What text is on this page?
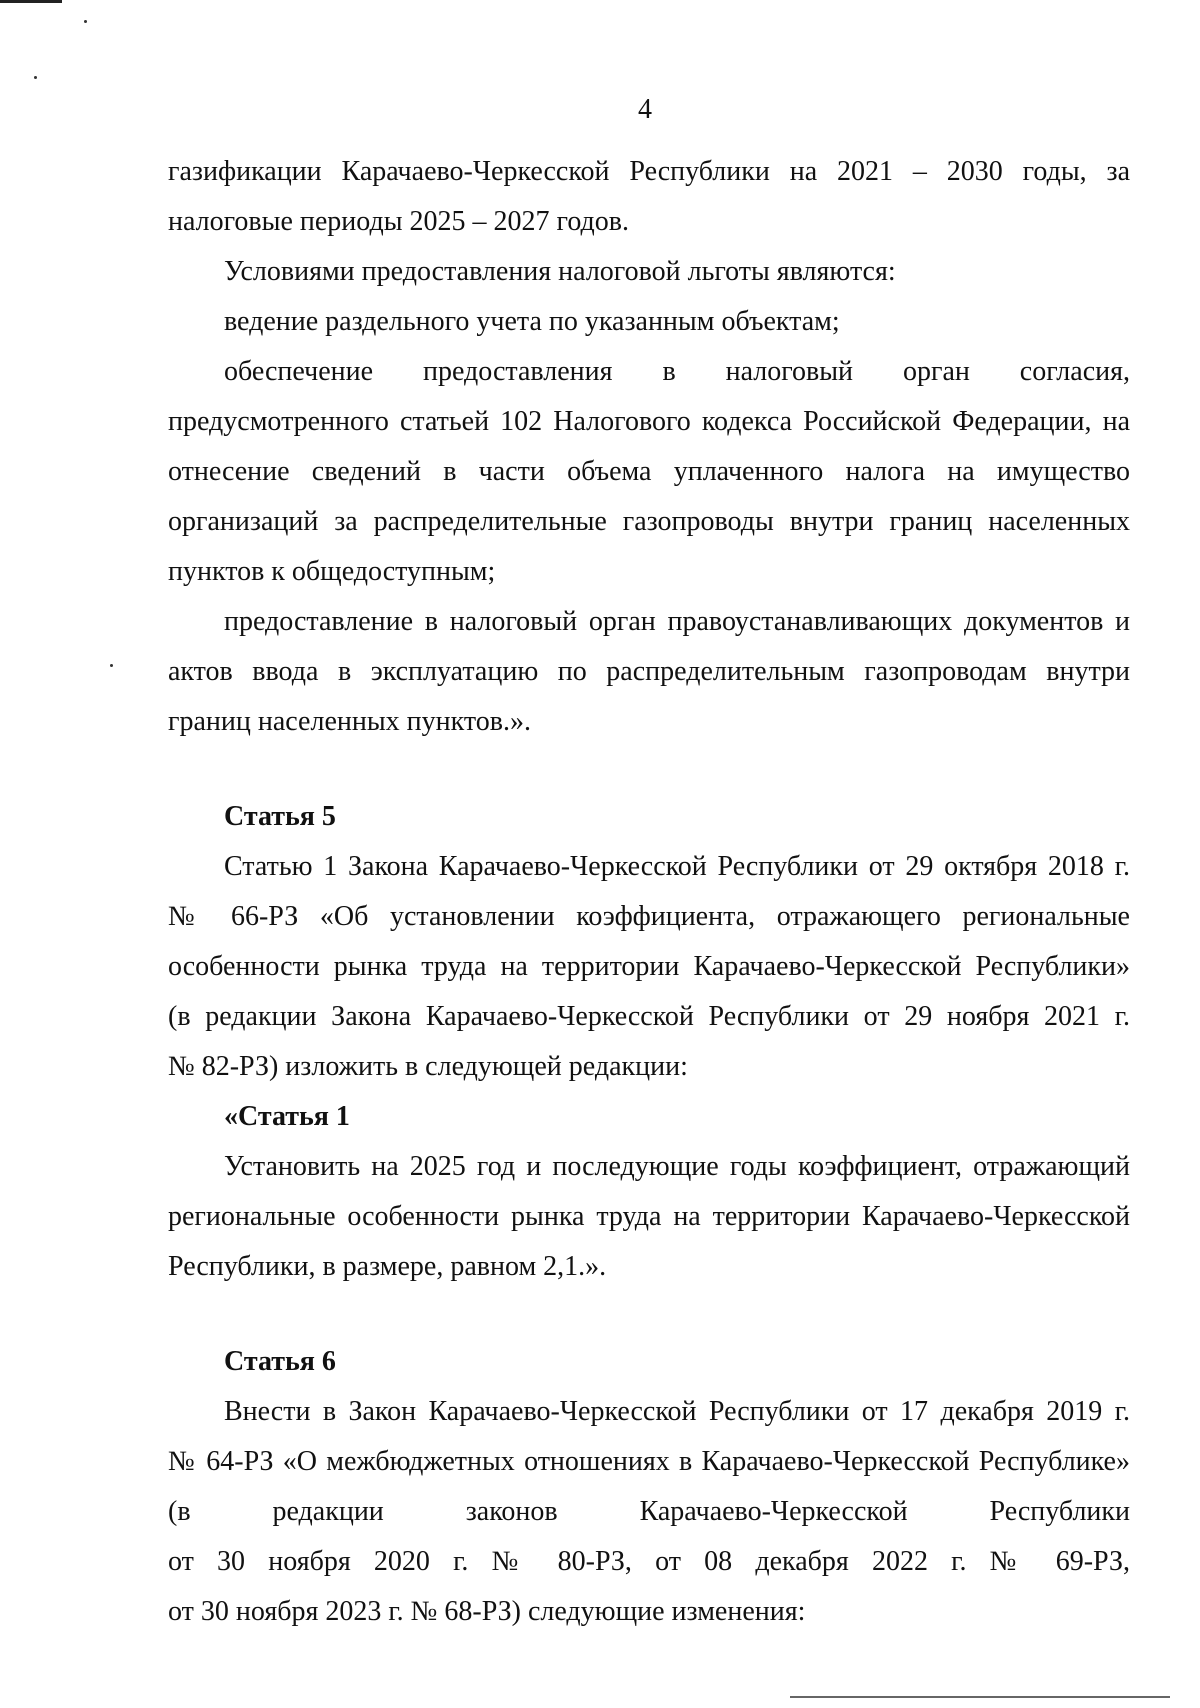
4
газификации Карачаево-Черкесской Республики на 2021 – 2030 годы, за
налоговые периоды 2025 – 2027 годов.
Условиями предоставления налоговой льготы являются:
ведение раздельного учета по указанным объектам;
обеспечение предоставления в налоговый орган согласия,
предусмотренного статьей 102 Налогового кодекса Российской Федерации, на
отнесение сведений в части объема уплаченного налога на имущество
организаций за распределительные газопроводы внутри границ населенных
пунктов к общедоступным;
предоставление в налоговый орган правоустанавливающих документов и
актов ввода в эксплуатацию по распределительным газопроводам внутри
границ населенных пунктов.».
Статья 5
Статью 1 Закона Карачаево-Черкесской Республики от 29 октября 2018 г.
№ 66-РЗ «Об установлении коэффициента, отражающего региональные
особенности рынка труда на территории Карачаево-Черкесской Республики»
(в редакции Закона Карачаево-Черкесской Республики от 29 ноября 2021 г.
№ 82-РЗ) изложить в следующей редакции:
«Статья 1
Установить на 2025 год и последующие годы коэффициент, отражающий
региональные особенности рынка труда на территории Карачаево-Черкесской
Республики, в размере, равном 2,1.».
Статья 6
Внести в Закон Карачаево-Черкесской Республики от 17 декабря 2019 г.
№ 64-РЗ «О межбюджетных отношениях в Карачаево-Черкесской Республике»
(в редакции законов Карачаево-Черкесской Республики
от 30 ноября 2020 г. № 80-РЗ, от 08 декабря 2022 г. № 69-РЗ,
от 30 ноября 2023 г. № 68-РЗ) следующие изменения:
